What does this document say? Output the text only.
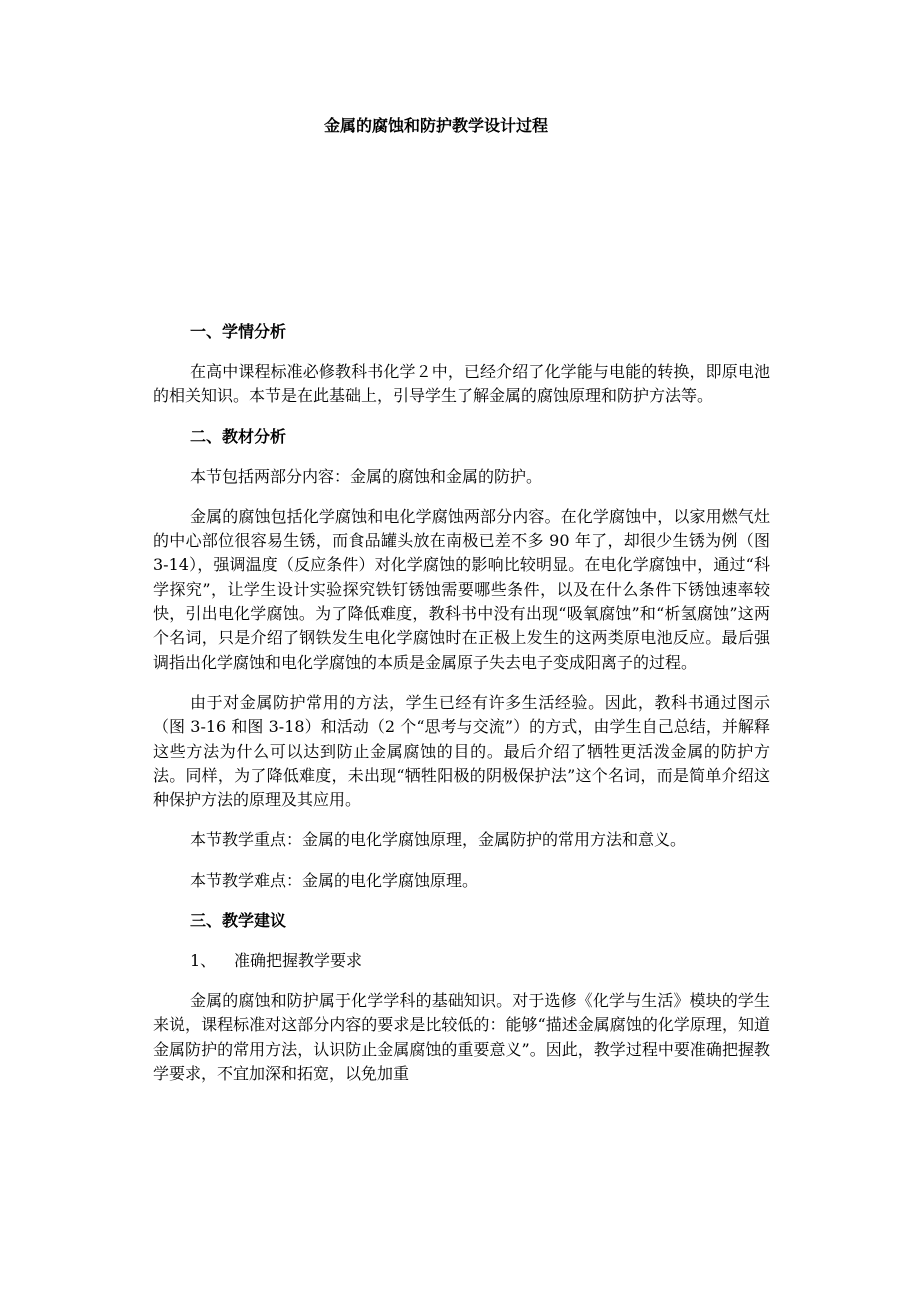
金属的腐蚀和防护教学设计过程

一、学情分析

在高中课程标准必修教科书化学２中，已经介绍了化学能与电能的转换，即原电池的相关知识。本节是在此基础上，引导学生了解金属的腐蚀原理和防护方法等。

二、教材分析

本节包括两部分内容：金属的腐蚀和金属的防护。

金属的腐蚀包括化学腐蚀和电化学腐蚀两部分内容。在化学腐蚀中，以家用燃气灶的中心部位很容易生锈，而食品罐头放在南极已差不多 90 年了，却很少生锈为例（图 3-14），强调温度（反应条件）对化学腐蚀的影响比较明显。在电化学腐蚀中，通过“科学探究”，让学生设计实验探究铁钉锈蚀需要哪些条件，以及在什么条件下锈蚀速率较快，引出电化学腐蚀。为了降低难度，教科书中没有出现“吸氧腐蚀”和“析氢腐蚀”这两个名词，只是介绍了钢铁发生电化学腐蚀时在正极上发生的这两类原电池反应。最后强调指出化学腐蚀和电化学腐蚀的本质是金属原子失去电子变成阳离子的过程。

由于对金属防护常用的方法，学生已经有许多生活经验。因此，教科书通过图示（图 3-16 和图 3-18）和活动（2 个“思考与交流”）的方式，由学生自己总结，并解释这些方法为什么可以达到防止金属腐蚀的目的。最后介绍了牺牲更活泼金属的防护方法。同样，为了降低难度，未出现“牺牲阳极的阴极保护法”这个名词，而是简单介绍这种保护方法的原理及其应用。

本节教学重点：金属的电化学腐蚀原理，金属防护的常用方法和意义。

本节教学难点：金属的电化学腐蚀原理。

三、教学建议

1、 准确把握教学要求

金属的腐蚀和防护属于化学学科的基础知识。对于选修《化学与生活》模块的学生来说，课程标准对这部分内容的要求是比较低的：能够“描述金属腐蚀的化学原理，知道金属防护的常用方法，认识防止金属腐蚀的重要意义”。因此，教学过程中要准确把握教学要求，不宜加深和拓宽，以免加重
